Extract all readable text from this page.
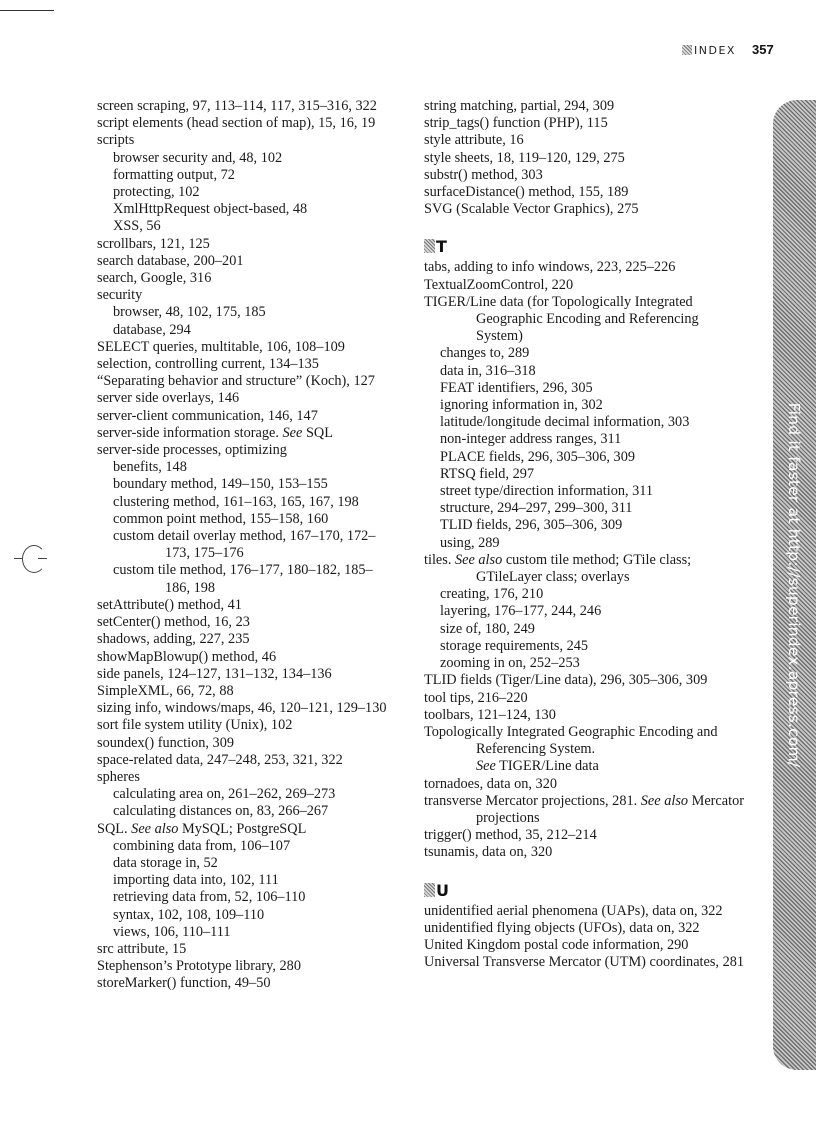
INDEX 357

screen scraping, 97, 113–114, 117, 315–316, 322

script elements (head section of map), 15, 16, 19

scripts

browser security and, 48, 102

formatting output, 72

protecting, 102

XmlHttpRequest object-based, 48

XSS, 56

scrollbars, 121, 125

search database, 200–201

search, Google, 316

security

browser, 48, 102, 175, 185

database, 294

SELECT queries, multitable, 106, 108–109

selection, controlling current, 134–135

“Separating behavior and structure” (Koch), 127

server side overlays, 146

server-client communication, 146, 147

server-side information storage. See SQL

server-side processes, optimizing

benefits, 148

boundary method, 149–150, 153–155

clustering method, 161–163, 165, 167, 198

common point method, 155–158, 160

custom detail overlay method, 167–170, 172–173, 175–176

custom tile method, 176–177, 180–182, 185–186, 198

setAttribute() method, 41

setCenter() method, 16, 23

shadows, adding, 227, 235

showMapBlowup() method, 46

side panels, 124–127, 131–132, 134–136

SimpleXML, 66, 72, 88

sizing info, windows/maps, 46, 120–121, 129–130

sort file system utility (Unix), 102

soundex() function, 309

space-related data, 247–248, 253, 321, 322

spheres

calculating area on, 261–262, 269–273

calculating distances on, 83, 266–267

SQL. See also MySQL; PostgreSQL

combining data from, 106–107

data storage in, 52

importing data into, 102, 111

retrieving data from, 52, 106–110

syntax, 102, 108, 109–110

views, 106, 110–111

src attribute, 15

Stephenson’s Prototype library, 280

storeMarker() function, 49–50

string matching, partial, 294, 309

strip_tags() function (PHP), 115

style attribute, 16

style sheets, 18, 119–120, 129, 275

substr() method, 303

surfaceDistance() method, 155, 189

SVG (Scalable Vector Graphics), 275

T

tabs, adding to info windows, 223, 225–226

TextualZoomControl, 220

TIGER/Line data (for Topologically Integrated Geographic Encoding and Referencing System)

changes to, 289

data in, 316–318

FEAT identifiers, 296, 305

ignoring information in, 302

latitude/longitude decimal information, 303

non-integer address ranges, 311

PLACE fields, 296, 305–306, 309

RTSQ field, 297

street type/direction information, 311

structure, 294–297, 299–300, 311

TLID fields, 296, 305–306, 309

using, 289

tiles. See also custom tile method; GTile class; GTileLayer class; overlays

creating, 176, 210

layering, 176–177, 244, 246

size of, 180, 249

storage requirements, 245

zooming in on, 252–253

TLID fields (Tiger/Line data), 296, 305–306, 309

tool tips, 216–220

toolbars, 121–124, 130

Topologically Integrated Geographic Encoding and Referencing System.
See TIGER/Line data

tornadoes, data on, 320

transverse Mercator projections, 281. See also Mercator projections

trigger() method, 35, 212–214

tsunamis, data on, 320

U

unidentified aerial phenomena (UAPs), data on, 322

unidentified flying objects (UFOs), data on, 322

United Kingdom postal code information, 290

Universal Transverse Mercator (UTM) coordinates, 281

Find it faster at http://superindex.apress.com/
